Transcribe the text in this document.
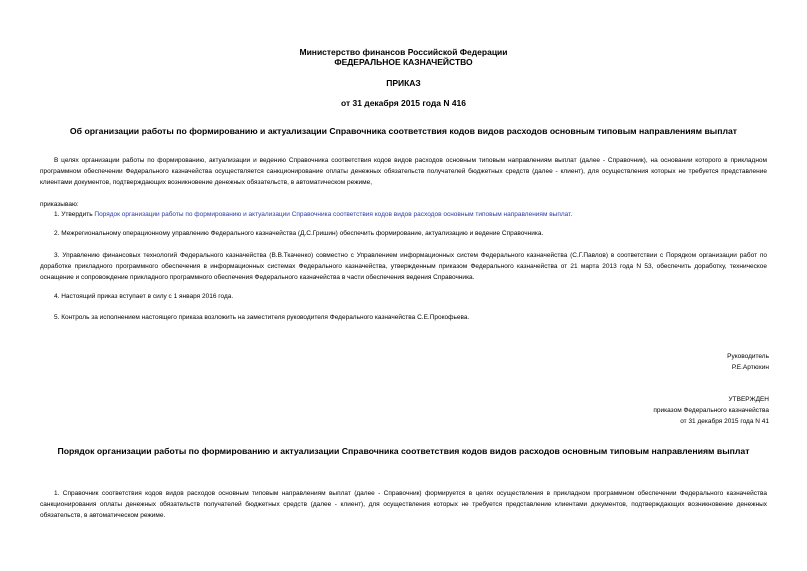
Министерство финансов Российской Федерации

ФЕДЕРАЛЬНОЕ КАЗНАЧЕЙСТВО

ПРИКАЗ

от 31 декабря 2015 года N 416

Об организации работы по формированию и актуализации Справочника соответствия кодов видов расходов основным типовым направлениям выплат

В целях организации работы по формированию, актуализации и ведению Справочника соответствия кодов видов расходов основным типовым направлениям выплат (далее - Справочник), на основании которого в прикладном программном обеспечении Федерального казначейства осуществляется санкционирование оплаты денежных обязательств получателей бюджетных средств (далее - клиент), для осуществления которых не требуется представление клиентами документов, подтверждающих возникновение денежных обязательств, в автоматическом режиме,

приказываю:

1. Утвердить Порядок организации работы по формированию и актуализации Справочника соответствия кодов видов расходов основным типовым направлениям выплат.

2. Межрегиональному операционному управлению Федерального казначейства (Д.С.Гришин) обеспечить формирование, актуализацию и ведение Справочника.

3. Управлению финансовых технологий Федерального казначейства (В.В.Ткаченко) совместно с Управлением информационных систем Федерального казначейства (С.Г.Павлов) в соответствии с Порядком организации работ по доработке прикладного программного обеспечения в информационных системах Федерального казначейства, утвержденным приказом Федерального казначейства от 21 марта 2013 года N 53, обеспечить доработку, техническое оснащение и сопровождение прикладного программного обеспечения Федерального казначейства в части обеспечения ведения Справочника.

4. Настоящий приказ вступает в силу с 1 января 2016 года.

5. Контроль за исполнением настоящего приказа возложить на заместителя руководителя Федерального казначейства С.Е.Прокофьева.

Руководитель
Р.Е.Артюхин

УТВЕРЖДЕН
приказом Федерального казначейства
от 31 декабря 2015 года N 41

Порядок организации работы по формированию и актуализации Справочника соответствия кодов видов расходов основным типовым направлениям выплат

1. Справочник соответствия кодов видов расходов основным типовым направлениям выплат (далее - Справочник) формируется в целях осуществления в прикладном программном обеспечении Федерального казначейства санкционирования оплаты денежных обязательств получателей бюджетных средств (далее - клиент), для осуществления которых не требуется представление клиентами документов, подтверждающих возникновение денежных обязательств, в автоматическом режиме.
